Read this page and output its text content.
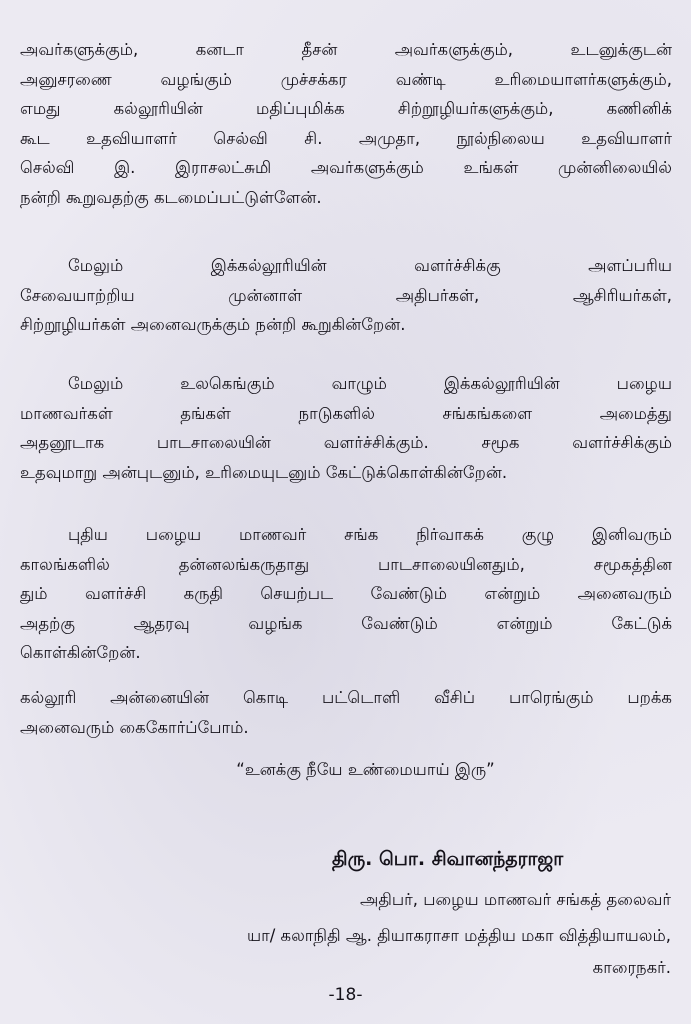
அவர்களுக்கும், கனடா தீசன் அவர்களுக்கும், உடனுக்குடன்
அனுசரணை வழங்கும் முச்சக்கர வண்டி உரிமையாளர்களுக்கும்,
எமது கல்லூரியின் மதிப்புமிக்க சிற்றூழியர்களுக்கும், கணினிக்
கூட உதவியாளர் செல்வி சி. அமுதா, நூல்நிலைய உதவியாளர்
செல்வி இ. இராசலட்சுமி அவர்களுக்கும் உங்கள் முன்னிலையில்
நன்றி கூறுவதற்கு கடமைப்பட்டுள்ளேன்.
மேலும் இக்கல்லூரியின் வளர்ச்சிக்கு அளப்பரிய
சேவையாற்றிய முன்னாள் அதிபர்கள், ஆசிரியர்கள்,
சிற்றூழியர்கள் அனைவருக்கும் நன்றி கூறுகின்றேன்.
மேலும் உலகெங்கும் வாழும் இக்கல்லூரியின் பழைய
மாணவர்கள் தங்கள் நாடுகளில் சங்கங்களை அமைத்து
அதனூடாக பாடசாலையின் வளர்ச்சிக்கும். சமூக வளர்ச்சிக்கும்
உதவுமாறு அன்புடனும், உரிமையுடனும் கேட்டுக்கொள்கின்றேன்.
புதிய பழைய மாணவர் சங்க நிர்வாகக் குழு இனிவரும்
காலங்களில் தன்னலங்கருதாது பாடசாலையினதும், சமூகத்தின
தும் வளர்ச்சி கருதி செயற்பட வேண்டும் என்றும் அனைவரும்
அதற்கு ஆதரவு வழங்க வேண்டும் என்றும் கேட்டுக்
கொள்கின்றேன்.
கல்லூரி அன்னையின் கொடி பட்டொளி வீசிப் பாரெங்கும் பறக்க
அனைவரும் கைகோர்ப்போம்.
“உனக்கு நீயே உண்மையாய் இரு”
திரு. பொ. சிவானந்தராஜா
அதிபர், பழைய மாணவர் சங்கத் தலைவர்
யா/ கலாநிதி ஆ. தியாகராசா மத்திய மகா வித்தியாயலம்,
காரைநகர்.
-18-
